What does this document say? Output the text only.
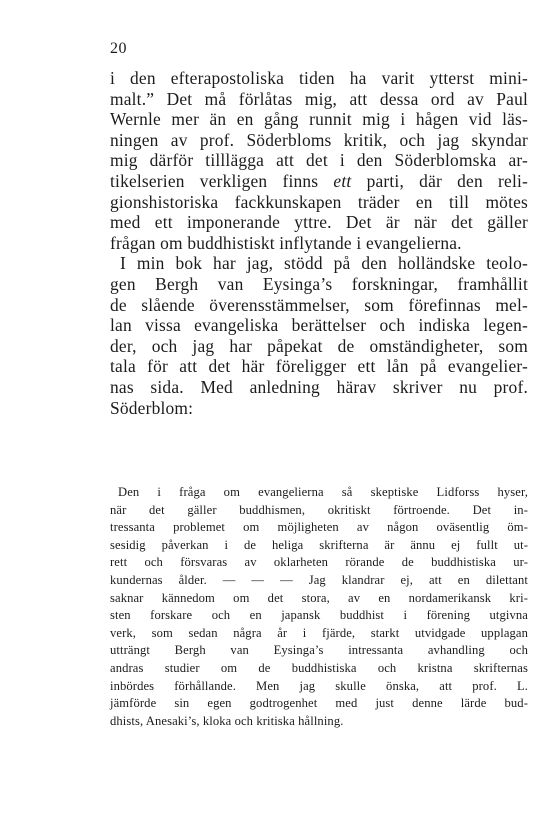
20
i den efterapostoliska tiden ha varit ytterst mini-
malt.” Det må förlåtas mig, att dessa ord av Paul
Wernle mer än en gång runnit mig i hågen vid läs-
ningen av prof. Söderbloms kritik, och jag skyndar
mig därför tilllägga att det i den Söderblomska ar-
tikelserien verkligen finns ett parti, där den reli-
gionshistoriska fackkunskapen träder en till mötes
med ett imponerande yttre. Det är när det gäller
frågan om buddhistiskt inflytande i evangelierna.
I min bok har jag, stödd på den holländske teolo-
gen Bergh van Eysinga’s forskningar, framhållit
de slående överensstämmelser, som förefinnas mel-
lan vissa evangeliska berättelser och indiska legen-
der, och jag har påpekat de omständigheter, som
tala för att det här föreligger ett lån på evangelier-
nas sida. Med anledning härav skriver nu prof.
Söderblom:
Den i fråga om evangelierna så skeptiske Lidforss hyser,
när det gäller buddhismen, okritiskt förtroende. Det in-
tressanta problemet om möjligheten av någon oväsentlig öm-
sesidig påverkan i de heliga skrifterna är ännu ej fullt ut-
rett och försvaras av oklarheten rörande de buddhistiska ur-
kundernas ålder. — — — Jag klandrar ej, att en dilettant
saknar kännedom om det stora, av en nordamerikansk kri-
sten forskare och en japansk buddhist i förening utgivna
verk, som sedan några år i fjärde, starkt utvidgade upplagan
utträngt Bergh van Eysinga’s intressanta avhandling och
andras studier om de buddhistiska och kristna skrifternas
inbördes förhållande. Men jag skulle önska, att prof. L.
jämförde sin egen godtrogenhet med just denne lärde bud-
dhists, Anesaki’s, kloka och kritiska hållning.
